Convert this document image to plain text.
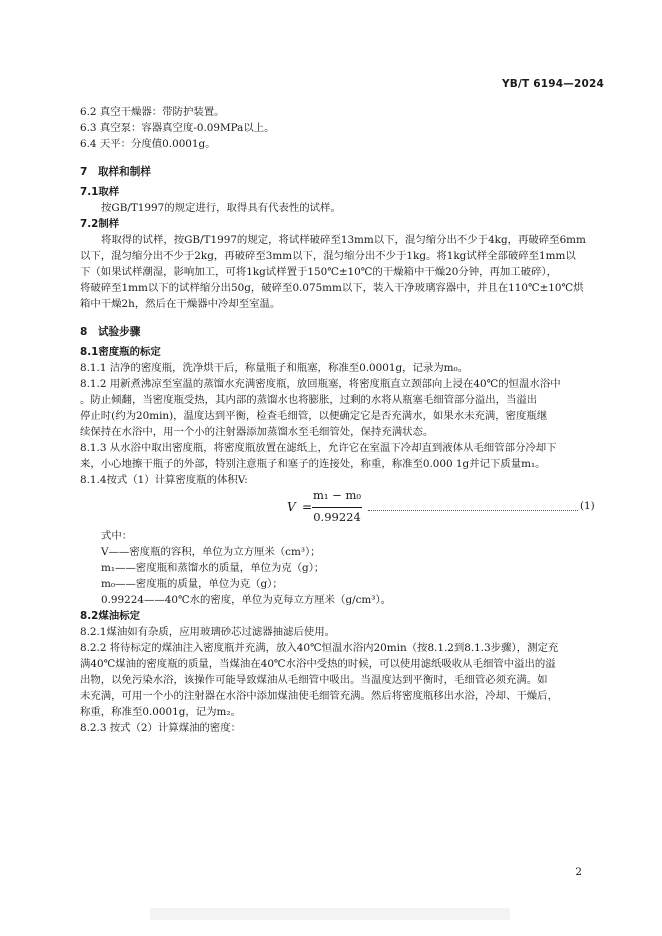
YB/T 6194—2024
6.2 真空干燥器：带防护装置。
6.3 真空泵：容器真空度-0.09MPa以上。
6.4 天平：分度值0.0001g。
7　取样和制样
7.1取样
按GB/T1997的规定进行，取得具有代表性的试样。
7.2制样
将取得的试样，按GB/T1997的规定，将试样破碎至13mm以下，混匀缩分出不少于4kg，再破碎至6mm
以下，混匀缩分出不少于2kg，再破碎至3mm以下，混匀缩分出不少于1kg。将1kg试样全部破碎至1mm以
下（如果试样潮湿，影响加工，可将1kg试样置于150℃±10℃的干燥箱中干燥20分钟，再加工破碎），
将破碎至1mm以下的试样缩分出50g，破碎至0.075mm以下，装入干净玻璃容器中，并且在110℃±10℃烘
箱中干燥2h，然后在干燥器中冷却至室温。
8　试验步骤
8.1密度瓶的标定
8.1.1 洁净的密度瓶，洗净烘干后，称量瓶子和瓶塞，称准至0.0001g，记录为m₀。
8.1.2 用新煮沸凉至室温的蒸馏水充满密度瓶，放回瓶塞，将密度瓶直立颈部向上浸在40℃的恒温水浴中
。防止倾翻，当密度瓶受热，其内部的蒸馏水也将膨胀，过剩的水将从瓶塞毛细管部分溢出，当溢出
停止时(约为20min)，温度达到平衡，检查毛细管，以便确定它是否充满水，如果水未充满，密度瓶继
续保持在水浴中，用一个小的注射器添加蒸馏水至毛细管处，保持充满状态。
8.1.3 从水浴中取出密度瓶，将密度瓶放置在滤纸上，允许它在室温下冷却直到液体从毛细管部分冷却下
来，小心地擦干瓶子的外部，特别注意瓶子和塞子的连接处，称重，称准至0.000 1g并记下质量m₁。
8.1.4按式（1）计算密度瓶的体积V:
V =
m₁ − m₀
0.99224
(1)
式中：
V——密度瓶的容积，单位为立方厘米（cm³）；
m₁——密度瓶和蒸馏水的质量，单位为克（g）；
m₀——密度瓶的质量，单位为克（g）；
0.99224——40℃水的密度，单位为克每立方厘米（g/cm³）。
8.2煤油标定
8.2.1煤油如有杂质，应用玻璃砂芯过滤器抽滤后使用。
8.2.2 将待标定的煤油注入密度瓶并充满，放入40℃恒温水浴内20min（按8.1.2到8.1.3步骤），测定充
满40℃煤油的密度瓶的质量，当煤油在40℃水浴中受热的时候，可以使用滤纸吸收从毛细管中溢出的溢
出物，以免污染水浴，该操作可能导致煤油从毛细管中吸出。当温度达到平衡时，毛细管必须充满。如
未充满，可用一个小的注射器在水浴中添加煤油使毛细管充满。然后将密度瓶移出水浴，冷却、干燥后，
称重，称准至0.0001g，记为m₂。
8.2.3 按式（2）计算煤油的密度：
2
